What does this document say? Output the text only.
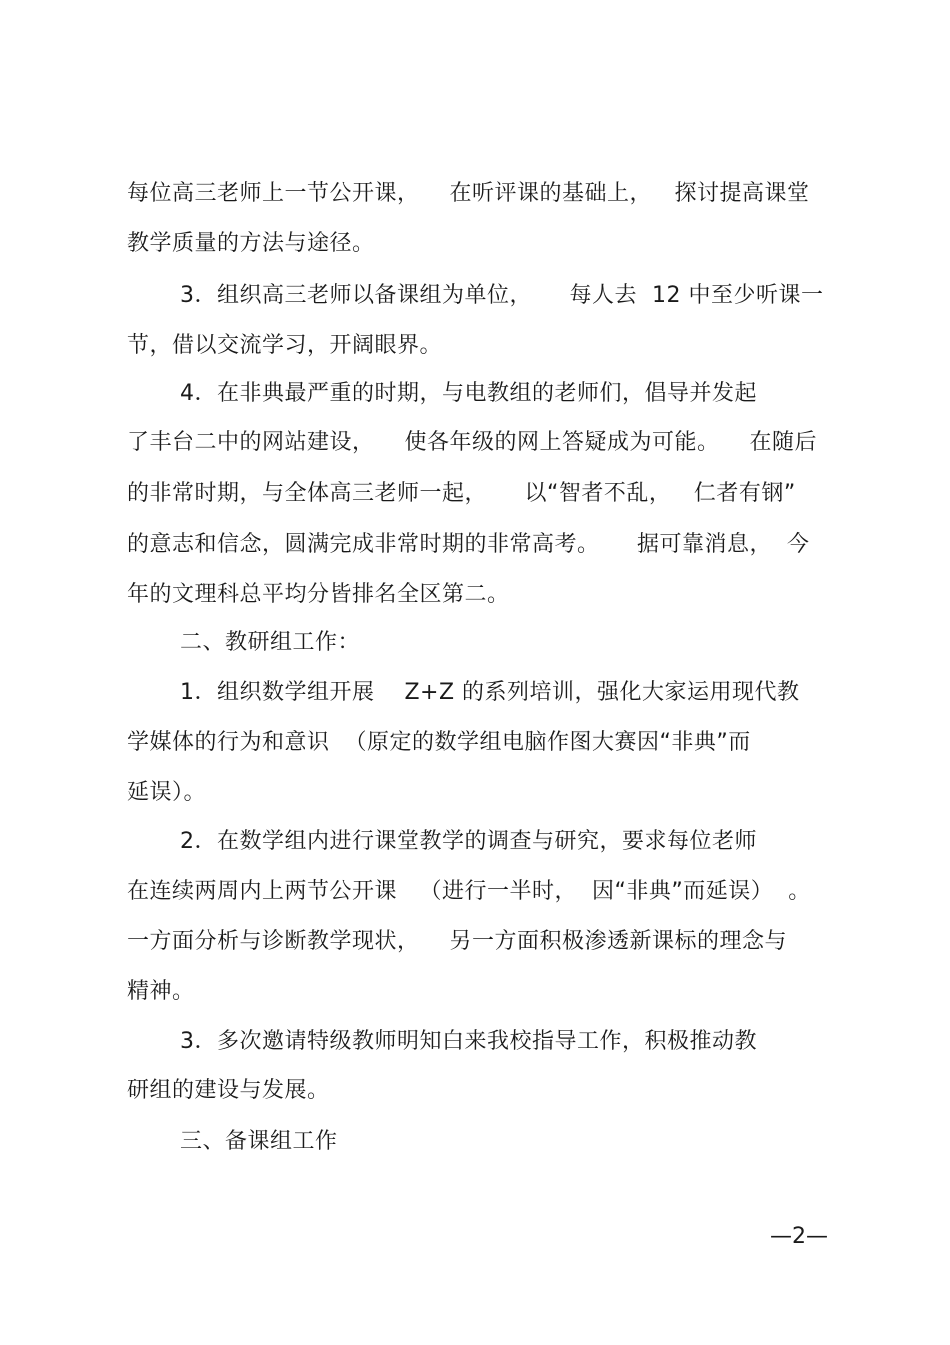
每位高三老师上一节公开课，    在听评课的基础上，   探讨提高课堂
教学质量的方法与途径。
3．组织高三老师以备课组为单位，     每人去  12 中至少听课一
节，借以交流学习，开阔眼界。
4．在非典最严重的时期，与电教组的老师们，倡导并发起
了丰台二中的网站建设，    使各年级的网上答疑成为可能。    在随后
的非常时期，与全体高三老师一起，     以“智者不乱，   仁者有钢”
的意志和信念，圆满完成非常时期的非常高考。     据可靠消息，  今
年的文理科总平均分皆排名全区第二。
二、教研组工作：
1．组织数学组开展    Z+Z 的系列培训，强化大家运用现代教
学媒体的行为和意识  （原定的数学组电脑作图大赛因“非典”而
延误）。
2．在数学组内进行课堂教学的调查与研究，要求每位老师
在连续两周内上两节公开课   （进行一半时，  因“非典”而延误）  。
一方面分析与诊断教学现状，    另一方面积极渗透新课标的理念与
精神。
3．多次邀请特级教师明知白来我校指导工作，积极推动教
研组的建设与发展。
三、备课组工作
—2—
